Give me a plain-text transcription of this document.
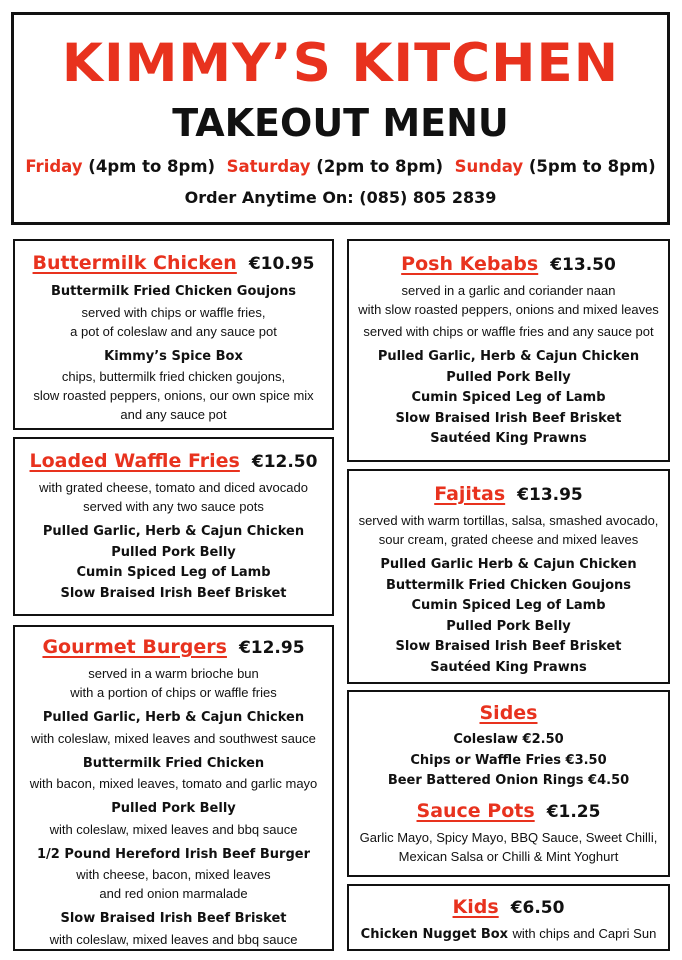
KIMMY’S KITCHEN
TAKEOUT MENU
Friday (4pm to 8pm) Saturday (2pm to 8pm) Sunday (5pm to 8pm)
Order Anytime On: (085) 805 2839
Buttermilk Chicken €10.95
Buttermilk Fried Chicken Goujons
served with chips or waffle fries,
a pot of coleslaw and any sauce pot
Kimmy’s Spice Box
chips, buttermilk fried chicken goujons,
slow roasted peppers, onions, our own spice mix
and any sauce pot
Loaded Waffle Fries €12.50
with grated cheese, tomato and diced avocado
served with any two sauce pots
Pulled Garlic, Herb & Cajun Chicken
Pulled Pork Belly
Cumin Spiced Leg of Lamb
Slow Braised Irish Beef Brisket
Gourmet Burgers €12.95
served in a warm brioche bun
with a portion of chips or waffle fries
Pulled Garlic, Herb & Cajun Chicken
with coleslaw, mixed leaves and southwest sauce
Buttermilk Fried Chicken
with bacon, mixed leaves, tomato and garlic mayo
Pulled Pork Belly
with coleslaw, mixed leaves and bbq sauce
1/2 Pound Hereford Irish Beef Burger
with cheese, bacon, mixed leaves
and red onion marmalade
Slow Braised Irish Beef Brisket
with coleslaw, mixed leaves and bbq sauce
Posh Kebabs €13.50
served in a garlic and coriander naan
with slow roasted peppers, onions and mixed leaves
served with chips or waffle fries and any sauce pot
Pulled Garlic, Herb & Cajun Chicken
Pulled Pork Belly
Cumin Spiced Leg of Lamb
Slow Braised Irish Beef Brisket
Sautéed King Prawns
Fajitas €13.95
served with warm tortillas, salsa, smashed avocado,
sour cream, grated cheese and mixed leaves
Pulled Garlic Herb & Cajun Chicken
Buttermilk Fried Chicken Goujons
Cumin Spiced Leg of Lamb
Pulled Pork Belly
Slow Braised Irish Beef Brisket
Sautéed King Prawns
Sides
Coleslaw €2.50
Chips or Waffle Fries €3.50
Beer Battered Onion Rings €4.50
Sauce Pots €1.25
Garlic Mayo, Spicy Mayo, BBQ Sauce, Sweet Chilli,
Mexican Salsa or Chilli & Mint Yoghurt
Kids €6.50
Chicken Nugget Box with chips and Capri Sun
